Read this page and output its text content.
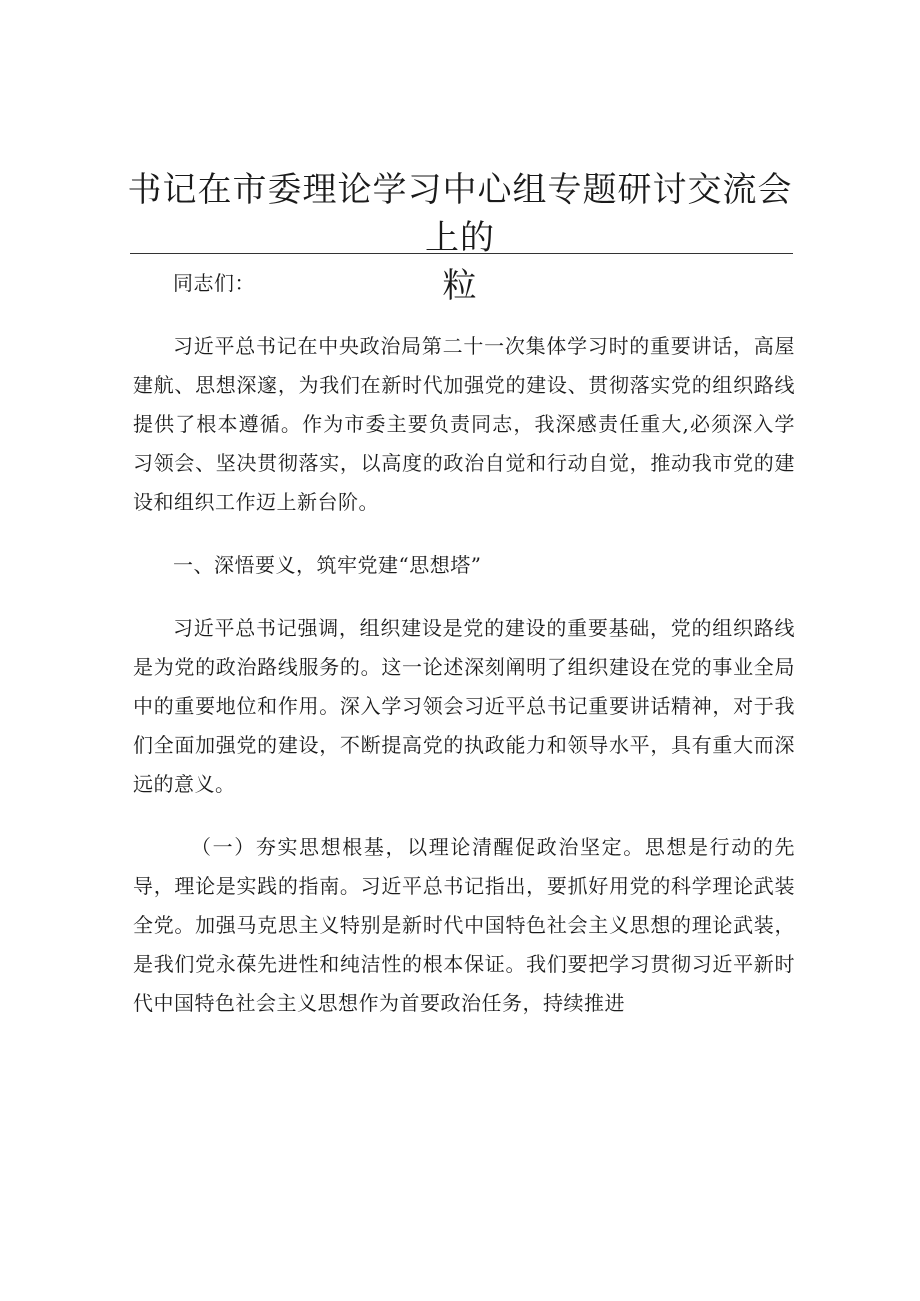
书记在市委理论学习中心组专题研讨交流会上的
粒

同志们：

习近平总书记在中央政治局第二十一次集体学习时的重要讲话，高屋建航、思想深邃，为我们在新时代加强党的建设、贯彻落实党的组织路线提供了根本遵循。作为市委主要负责同志，我深感责任重大,必须深入学习领会、坚决贯彻落实，以高度的政治自觉和行动自觉，推动我市党的建设和组织工作迈上新台阶。

一、深悟要义，筑牢党建“思想塔”

习近平总书记强调，组织建设是党的建设的重要基础，党的组织路线是为党的政治路线服务的。这一论述深刻阐明了组织建设在党的事业全局中的重要地位和作用。深入学习领会习近平总书记重要讲话精神，对于我们全面加强党的建设，不断提高党的执政能力和领导水平，具有重大而深远的意义。

（一）夯实思想根基，以理论清醒促政治坚定。思想是行动的先导，理论是实践的指南。习近平总书记指出，要抓好用党的科学理论武装全党。加强马克思主义特别是新时代中国特色社会主义思想的理论武装，是我们党永葆先进性和纯洁性的根本保证。我们要把学习贯彻习近平新时代中国特色社会主义思想作为首要政治任务，持续推进
